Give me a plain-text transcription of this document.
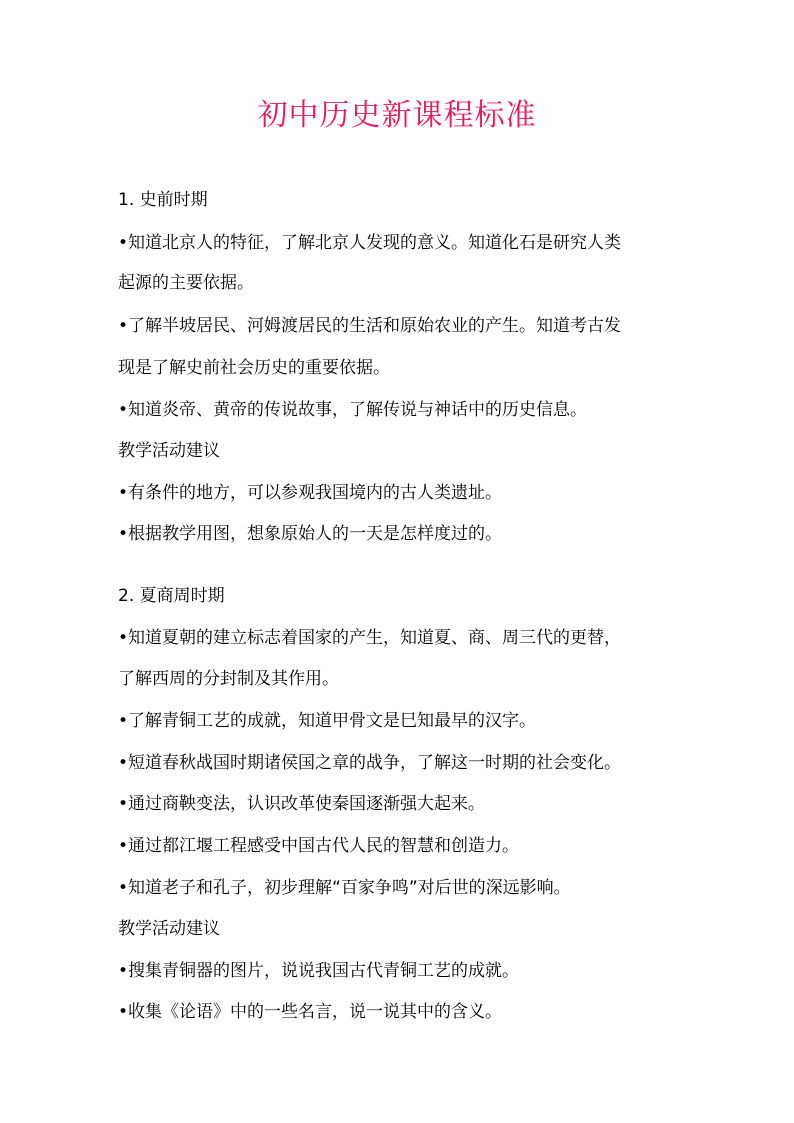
初中历史新课程标准

1. 史前时期

•知道北京人的特征，了解北京人发现的意义。知道化石是研究人类

起源的主要依据。

•了解半坡居民、河姆渡居民的生活和原始农业的产生。知道考古发

现是了解史前社会历史的重要依据。

•知道炎帝、黄帝的传说故事，了解传说与神话中的历史信息。

教学活动建议

•有条件的地方，可以参观我国境内的古人类遗址。

•根据教学用图，想象原始人的一天是怎样度过的。

2. 夏商周时期

•知道夏朝的建立标志着国家的产生，知道夏、商、周三代的更替，

了解西周的分封制及其作用。

•了解青铜工艺的成就，知道甲骨文是巳知最早的汉字。

•短道春秋战国时期诸侯国之章的战争，了解这一时期的社会变化。

•通过商鞅变法，认识改革使秦国逐渐强大起来。

•通过都江堰工程感受中国古代人民的智慧和创造力。

•知道老子和孔子，初步理解“百家争鸣”对后世的深远影响。

教学活动建议

•搜集青铜器的图片，说说我国古代青铜工艺的成就。

•收集《论语》中的一些名言，说一说其中的含义。
